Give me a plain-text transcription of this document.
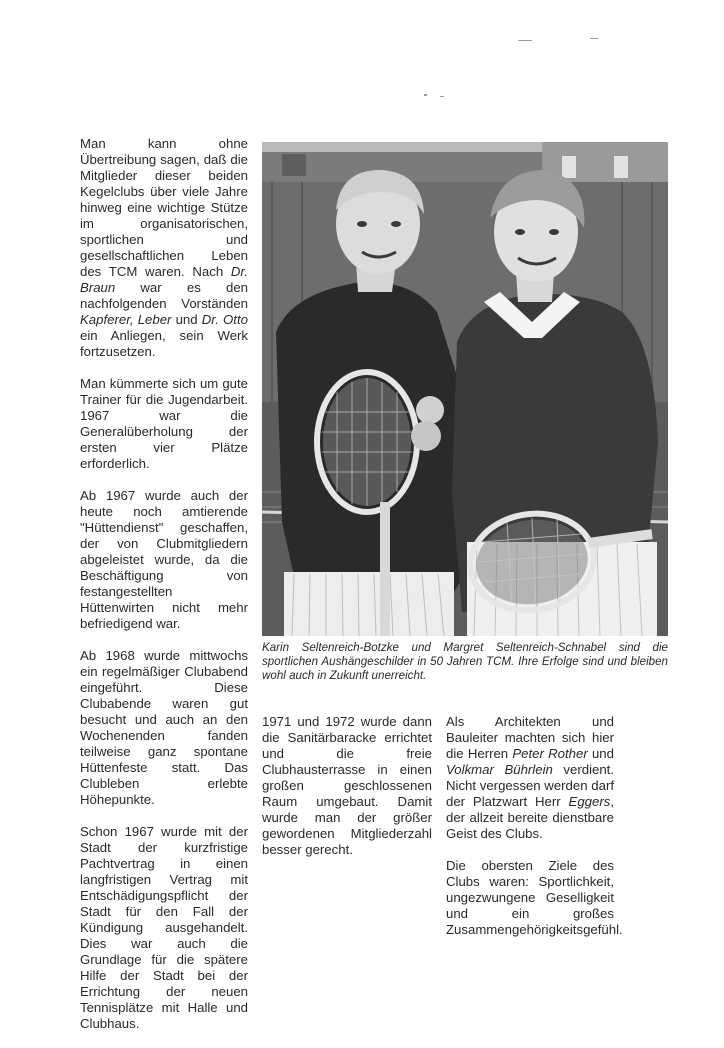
Man kann ohne Übertreibung sagen, daß die Mitglieder dieser beiden Kegelclubs über viele Jahre hinweg eine wichtige Stütze im organisatorischen, sportlichen und gesellschaftlichen Leben des TCM waren. Nach Dr. Braun war es den nachfolgenden Vorständen Kapferer, Leber und Dr. Otto ein Anliegen, sein Werk fortzusetzen.

Man kümmerte sich um gute Trainer für die Jugendarbeit. 1967 war die Generalüberholung der ersten vier Plätze erforderlich.

Ab 1967 wurde auch der heute noch amtierende "Hüttendienst" geschaffen, der von Clubmitgliedern abgeleistet wurde, da die Beschäftigung von festangestellten Hüttenwirten nicht mehr befriedigend war.

Ab 1968 wurde mittwochs ein regelmäßiger Clubabend eingeführt. Diese Clubabende waren gut besucht und auch an den Wochenenden fanden teilweise ganz spontane Hüttenfeste statt. Das Clubleben erlebte Höhepunkte.

Schon 1967 wurde mit der Stadt der kurzfristige Pachtvertrag in einen langfristigen Vertrag mit Entschädigungspflicht der Stadt für den Fall der Kündigung ausgehandelt. Dies war auch die Grundlage für die spätere Hilfe der Stadt bei der Errichtung der neuen Tennisplätze mit Halle und Clubhaus.

Karin Seltenreich-Botzke und Margret Seltenreich-Schnabel sind die sportlichen Aushängeschilder in 50 Jahren TCM. Ihre Erfolge sind und bleiben wohl auch in Zukunft unerreicht.

1971 und 1972 wurde dann die Sanitärbaracke errichtet und die freie Clubhausterrasse in einen großen geschlossenen Raum umgebaut. Damit wurde man der größer gewordenen Mitgliederzahl besser gerecht.

Als Architekten und Bauleiter machten sich hier die Herren Peter Rother und Volkmar Bührlein verdient. Nicht vergessen werden darf der Platzwart Herr Eggers, der allzeit bereite dienstbare Geist des Clubs.

Die obersten Ziele des Clubs waren: Sportlichkeit, ungezwungene Geselligkeit und ein großes Zusammengehörigkeitsgefühl.
